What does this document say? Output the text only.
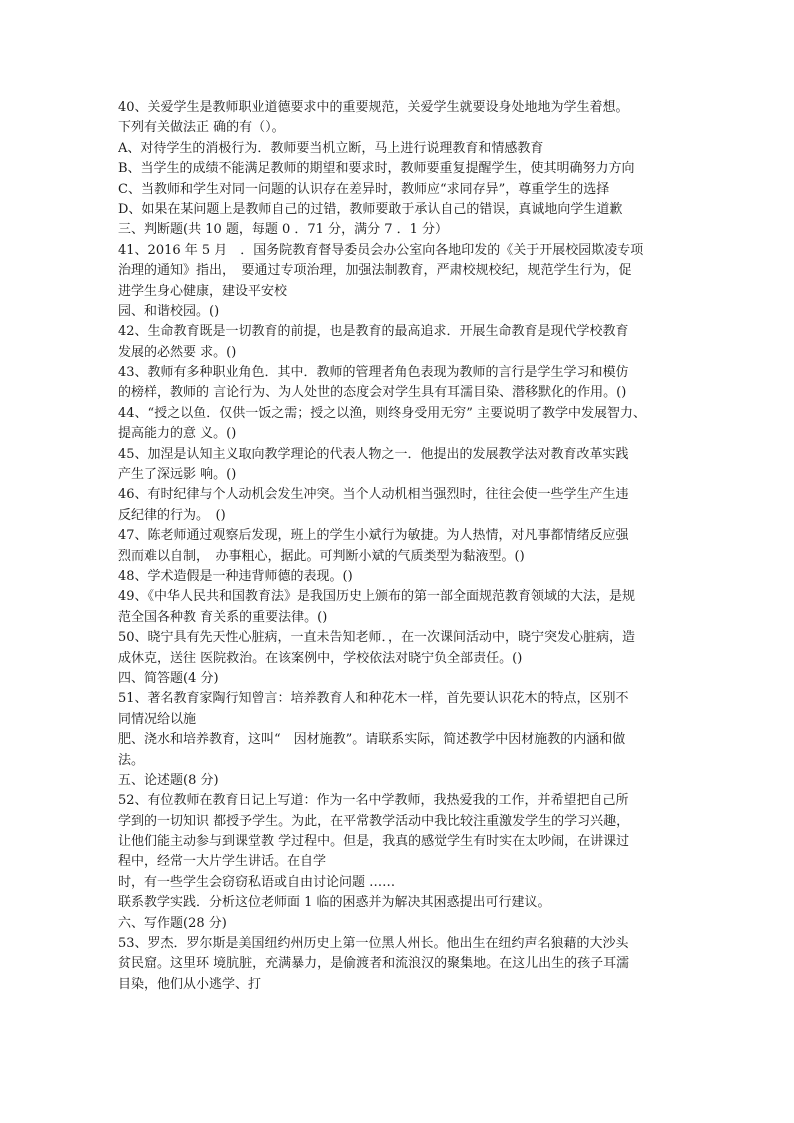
40、关爱学生是教师职业道德要求中的重要规范，关爱学生就要设身处地地为学生着想。
下列有关做法正 确的有（）。
A、对待学生的消极行为．教师要当机立断，马上进行说理教育和情感教育
B、当学生的成绩不能满足教师的期望和要求时，教师要重复提醒学生，使其明确努力方向
C、当教师和学生对同一问题的认识存在差异时，教师应“求同存异”，尊重学生的选择
D、如果在某问题上是教师自己的过错，教师要敢于承认自己的错误，真诚地向学生道歉
三、判断题(共 10 题，每题 0 ．71 分，满分 7 ．1 分）
41、2016 年 5 月　．国务院教育督导委员会办公室向各地印发的《关于开展校园欺凌专项
治理的通知》指出，　要通过专项治理，加强法制教育，严肃校规校纪，规范学生行为，促
进学生身心健康，建设平安校
园、和谐校园。()
42、生命教育既是一切教育的前提，也是教育的最高追求．开展生命教育是现代学校教育
发展的必然要 求。()
43、教师有多种职业角色．其中．教师的管理者角色表现为教师的言行是学生学习和模仿
的榜样，教师的 言论行为、为人处世的态度会对学生具有耳濡目染、潜移默化的作用。()
44、“授之以鱼．仅供一饭之需；授之以渔，则终身受用无穷” 主要说明了教学中发展智力、
提高能力的意 义。()
45、加涅是认知主义取向教学理论的代表人物之一．他提出的发展教学法对教育改革实践
产生了深远影 响。()
46、有时纪律与个人动机会发生冲突。当个人动机相当强烈时，往往会使一些学生产生违
反纪律的行为。　()
47、陈老师通过观察后发现，班上的学生小斌行为敏捷。为人热情，对凡事都情绪反应强
烈而难以自制，　办事粗心，据此。可判断小斌的气质类型为黏液型。()
48、学术造假是一种违背师德的表现。()
49、《中华人民共和国教育法》是我国历史上颁布的第一部全面规范教育领域的大法，是规
范全国各种教 育关系的重要法律。()
50、晓宁具有先天性心脏病，一直未告知老师．，在一次课间活动中，晓宁突发心脏病，造
成休克，送往 医院救治。在该案例中，学校依法对晓宁负全部责任。()
四、简答题(4 分)
51、著名教育家陶行知曾言：培养教育人和种花木一样，首先要认识花木的特点，区别不
同情况给以施
肥、浇水和培养教育，这叫“　因材施教”。请联系实际，简述教学中因材施教的内涵和做
法。
五、论述题(8 分)
52、有位教师在教育日记上写道：作为一名中学教师，我热爱我的工作，并希望把自己所
学到的一切知识 都授予学生。为此，在平常教学活动中我比较注重激发学生的学习兴趣，
让他们能主动参与到课堂教 学过程中。但是，我真的感觉学生有时实在太吵闹，在讲课过
程中，经常一大片学生讲话。在自学
时，有一些学生会窃窃私语或自由讨论问题 ……
联系教学实践．分析这位老师面 1 临的困惑并为解决其困惑提出可行建议。
六、写作题(28 分)
53、罗杰．罗尔斯是美国纽约州历史上第一位黑人州长。他出生在纽约声名狼藉的大沙头
贫民窟。这里环 境肮脏，充满暴力，是偷渡者和流浪汉的聚集地。在这儿出生的孩子耳濡
目染，他们从小逃学、打
